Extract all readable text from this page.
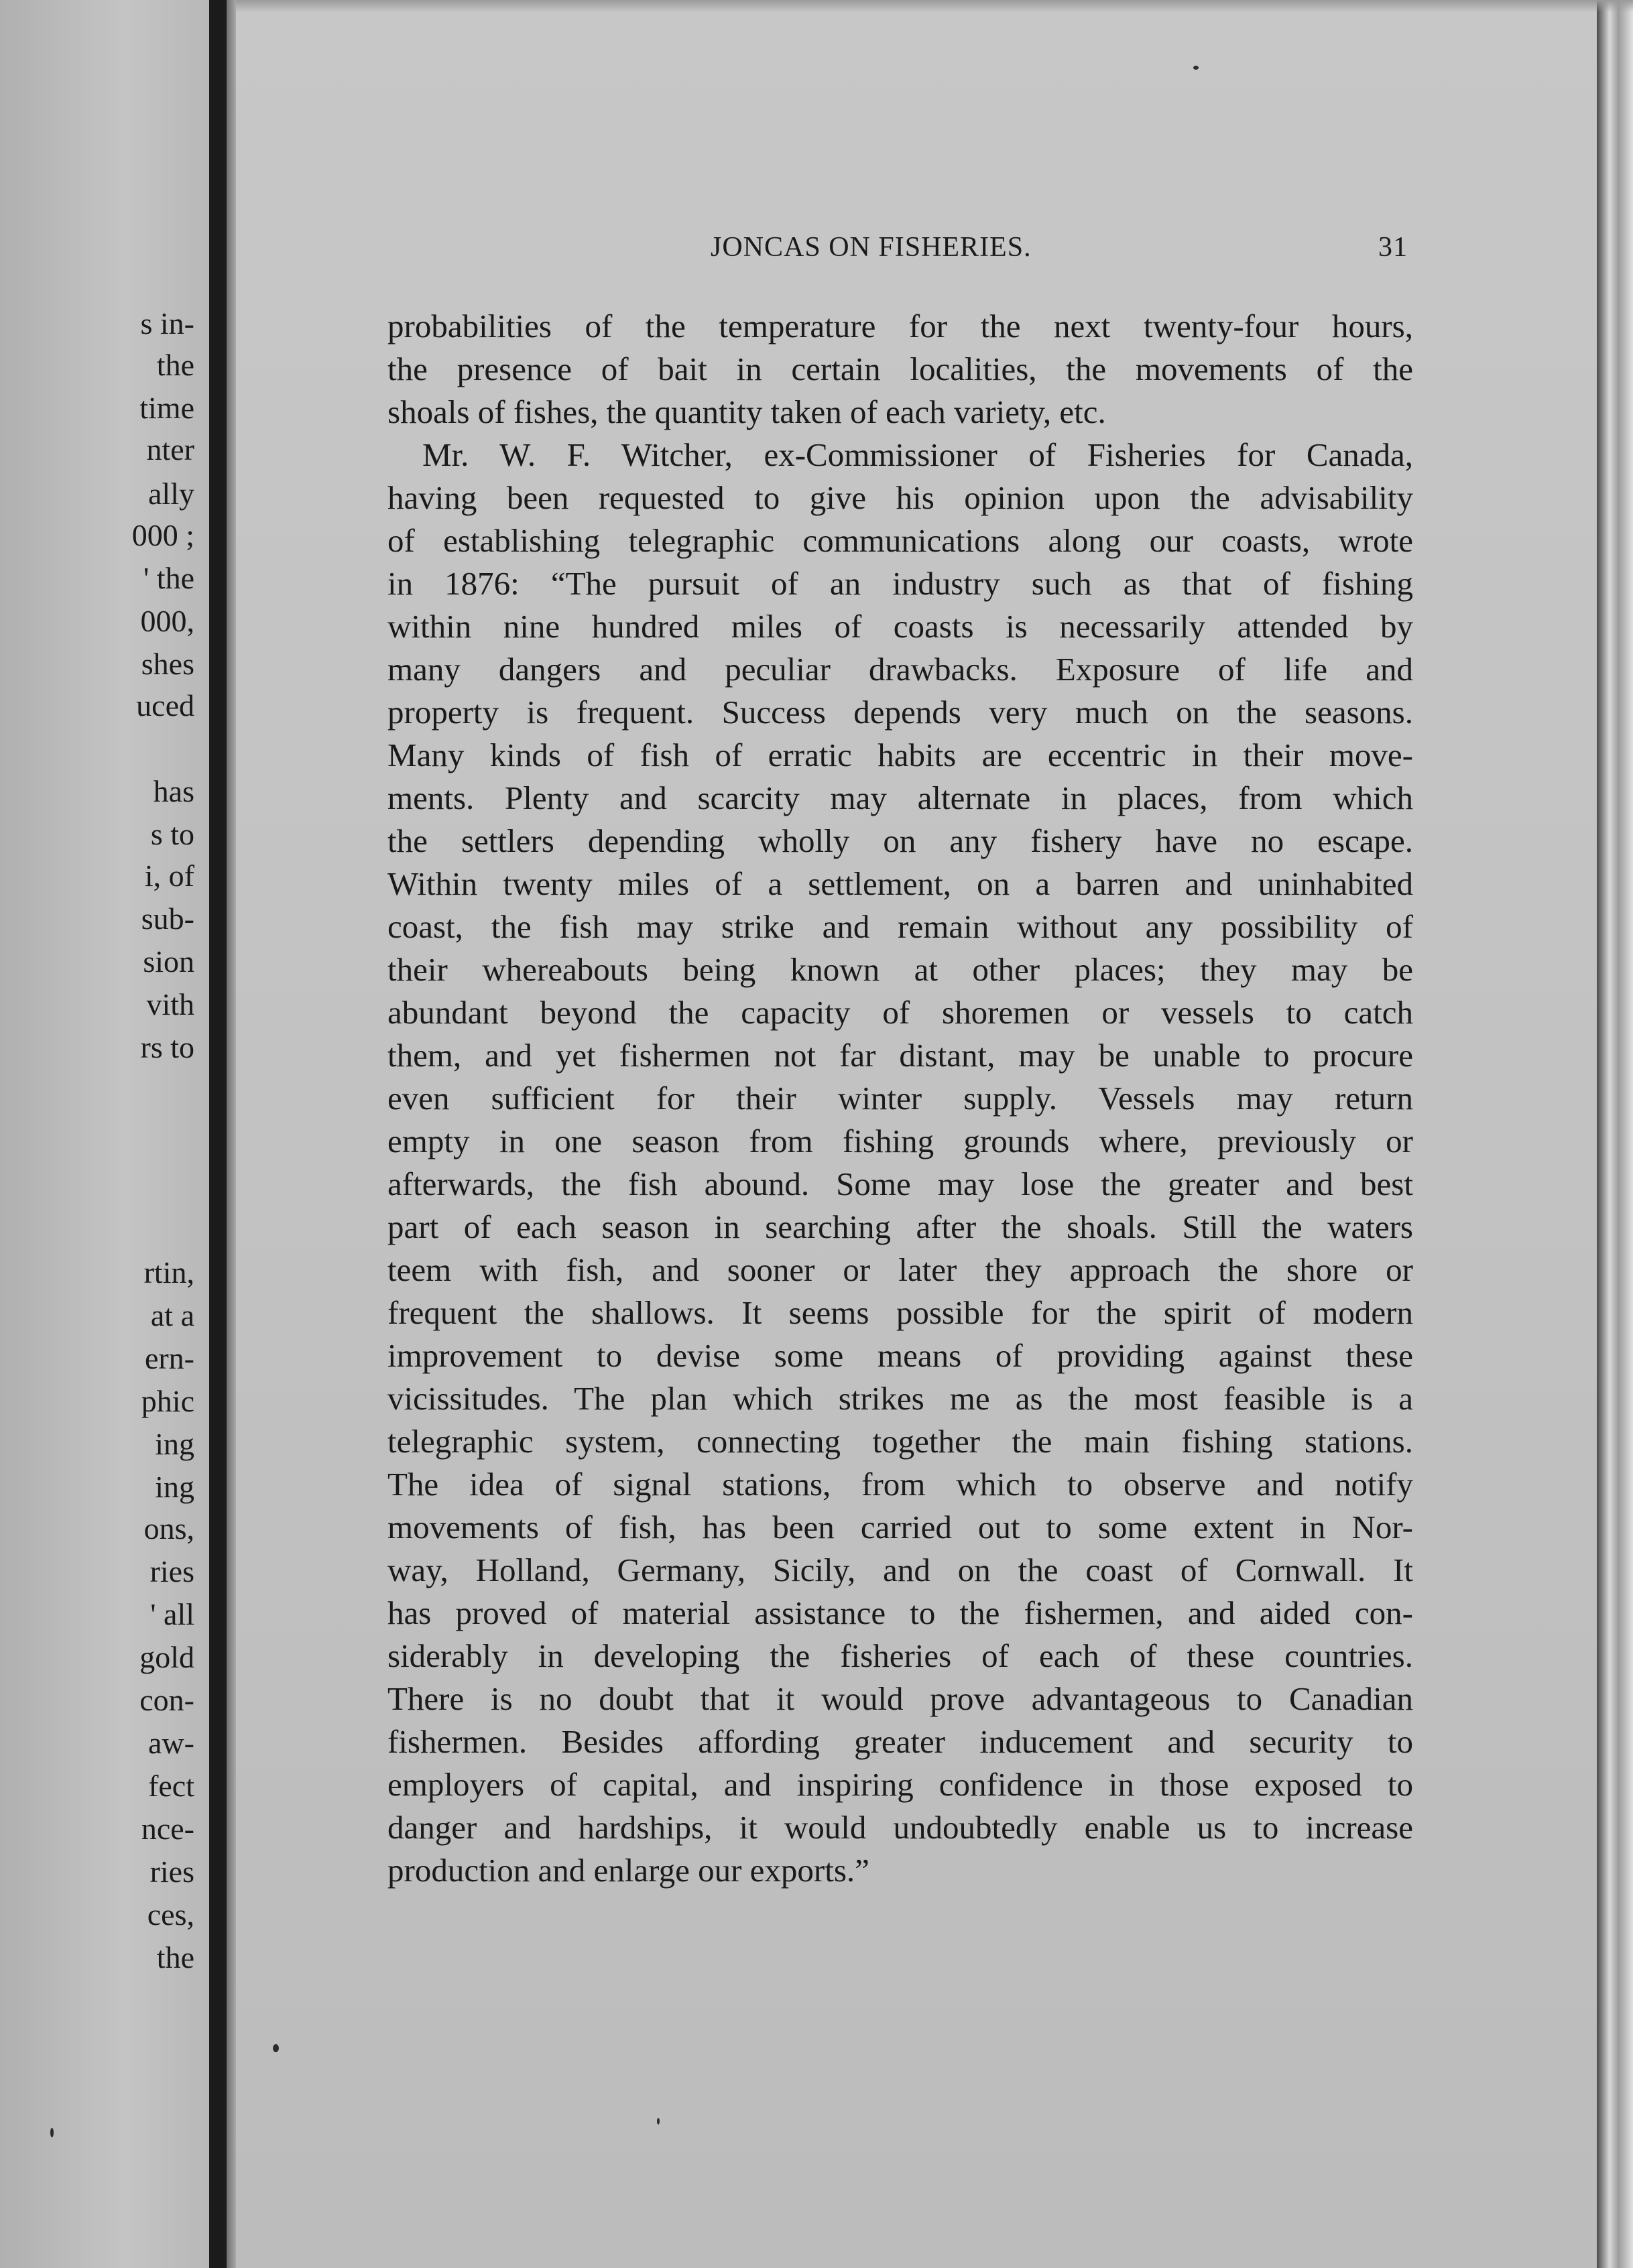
s in-
the
time
nter
ally
000 ;
' the
000,
shes
uced
has
s to
i, of
sub-
sion
vith
rs to
rtin,
at a
ern-
phic
ing
ing
ons,
ries
' all
gold
con-
aw-
fect
nce-
ries
ces,
the
JONCAS ON FISHERIES.	31
probabilities of the temperature for the next twenty-four hours,
the presence of bait in certain localities, the movements of the
shoals of fishes, the quantity taken of each variety, etc.
Mr. W. F. Witcher, ex-Commissioner of Fisheries for Canada,
having been requested to give his opinion upon the advisability
of establishing telegraphic communications along our coasts, wrote
in 1876: “The pursuit of an industry such as that of fishing
within nine hundred miles of coasts is necessarily attended by
many dangers and peculiar drawbacks. Exposure of life and
property is frequent. Success depends very much on the seasons.
Many kinds of fish of erratic habits are eccentric in their move-
ments. Plenty and scarcity may alternate in places, from which
the settlers depending wholly on any fishery have no escape.
Within twenty miles of a settlement, on a barren and uninhabited
coast, the fish may strike and remain without any possibility of
their whereabouts being known at other places; they may be
abundant beyond the capacity of shoremen or vessels to catch
them, and yet fishermen not far distant, may be unable to procure
even sufficient for their winter supply. Vessels may return
empty in one season from fishing grounds where, previously or
afterwards, the fish abound. Some may lose the greater and best
part of each season in searching after the shoals. Still the waters
teem with fish, and sooner or later they approach the shore or
frequent the shallows. It seems possible for the spirit of modern
improvement to devise some means of providing against these
vicissitudes. The plan which strikes me as the most feasible is a
telegraphic system, connecting together the main fishing stations.
The idea of signal stations, from which to observe and notify
movements of fish, has been carried out to some extent in Nor-
way, Holland, Germany, Sicily, and on the coast of Cornwall. It
has proved of material assistance to the fishermen, and aided con-
siderably in developing the fisheries of each of these countries.
There is no doubt that it would prove advantageous to Canadian
fishermen. Besides affording greater inducement and security to
employers of capital, and inspiring confidence in those exposed to
danger and hardships, it would undoubtedly enable us to increase
production and enlarge our exports.”
